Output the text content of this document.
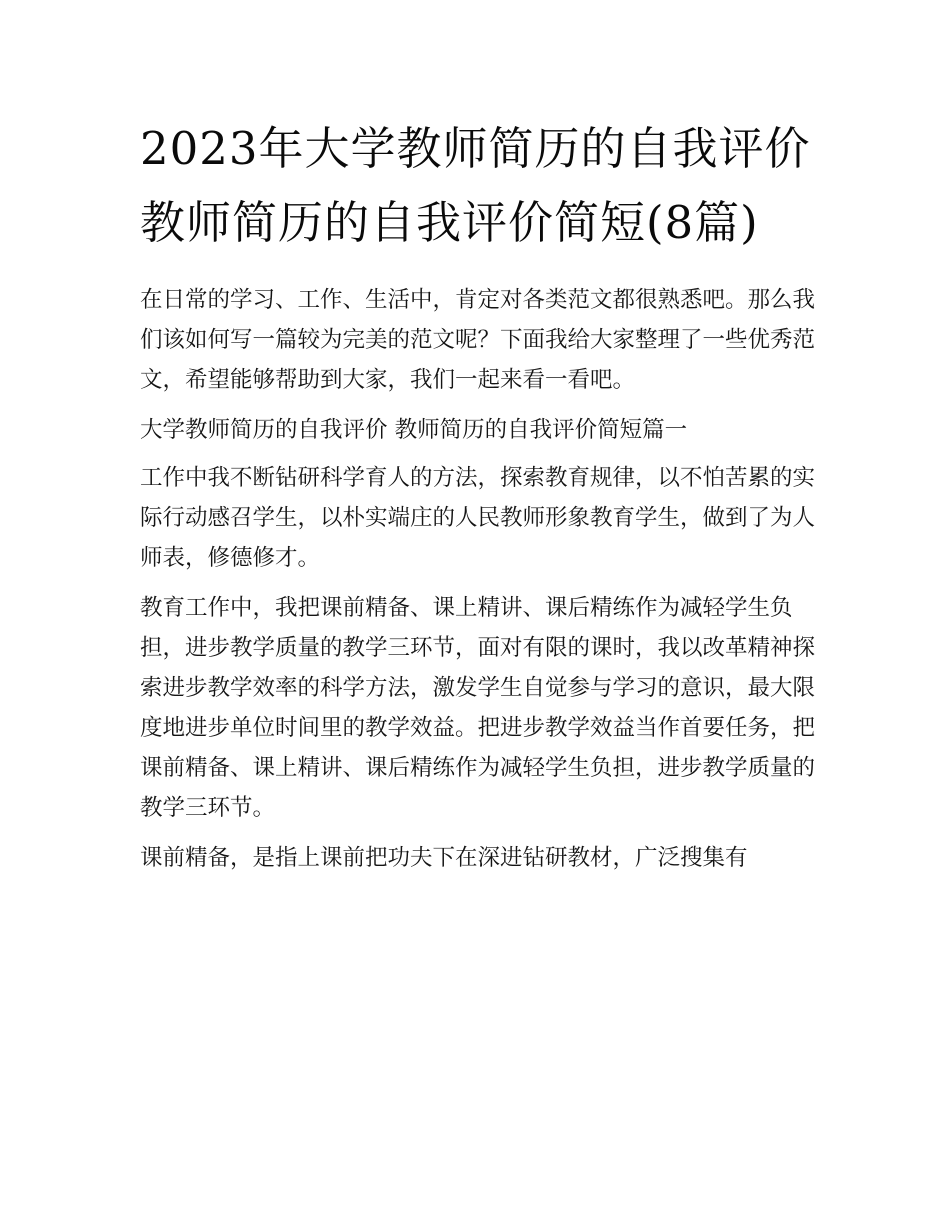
2023年大学教师简历的自我评价 教师简历的自我评价简短(8篇)

在日常的学习、工作、生活中，肯定对各类范文都很熟悉吧。那么我们该如何写一篇较为完美的范文呢？下面我给大家整理了一些优秀范文，希望能够帮助到大家，我们一起来看一看吧。

大学教师简历的自我评价 教师简历的自我评价简短篇一

工作中我不断钻研科学育人的方法，探索教育规律，以不怕苦累的实际行动感召学生，以朴实端庄的人民教师形象教育学生，做到了为人师表，修德修才。

教育工作中，我把课前精备、课上精讲、课后精练作为减轻学生负担，进步教学质量的教学三环节，面对有限的课时，我以改革精神探索进步教学效率的科学方法，激发学生自觉参与学习的意识，最大限度地进步单位时间里的教学效益。把进步教学效益当作首要任务，把课前精备、课上精讲、课后精练作为减轻学生负担，进步教学质量的教学三环节。

课前精备，是指上课前把功夫下在深进钻研教材，广泛搜集有
